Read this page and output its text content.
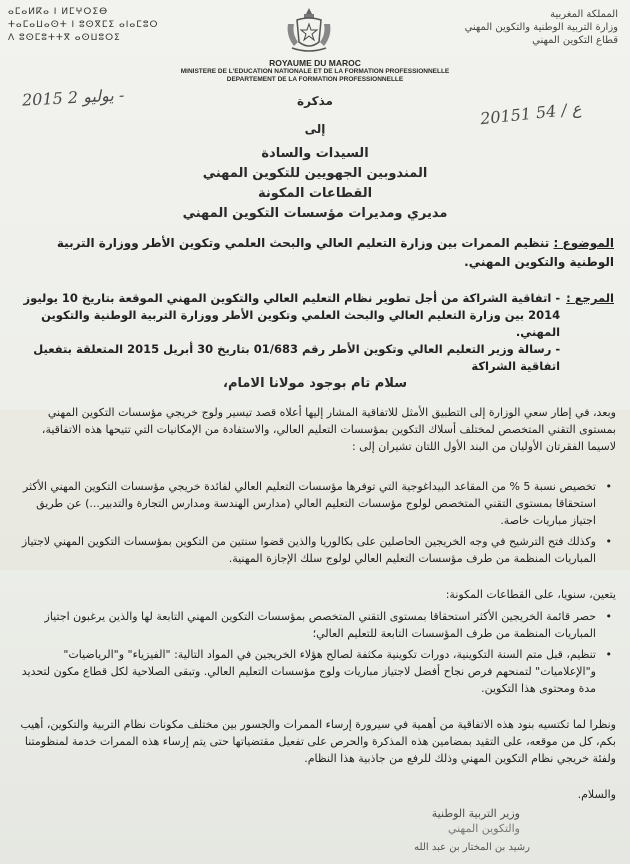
ⴰⵎⴰⵍⴽⴰ ⵏ ⵍⵎⵖⵔⵉⴱ
ⵜⴰⵎⴰⵡⴰⵙⵜ ⵏ ⵓⵙⴳⵎⵉ ⴰⵏⴰⵎⵓⵔ
ⴷ ⵓⵙⵎⵓⵜⵜⴳ ⴰⵙⵡⵓⵔⵉ
المملكة المغربية
وزارة التربية الوطنية والتكوين المهني
قطاع التكوين المهني
ROYAUME DU MAROC
MINISTERE DE L'EDUCATION NATIONALE ET DE LA FORMATION PROFESSIONNELLE
DEPARTEMENT DE LA FORMATION PROFESSIONNELLE
2015 يوليو 2 -
20151 ع / 54
مذكرة
إلى
السيدات والسادة
المندوبين الجهويين للتكوين المهني
القطاعات المكونة
مديري ومديرات مؤسسات التكوين المهني
الموضوع : تنظيم الممرات بين وزارة التعليم العالي والبحث العلمي وتكوين الأطر ووزارة التربية الوطنية والتكوين المهني.
المرجع :
- اتفاقية الشراكة من أجل تطوير نظام التعليم العالي والتكوين المهني الموقعة بتاريخ 10 يوليوز 2014 بين وزارة التعليم العالي والبحث العلمي وتكوين الأطر ووزارة التربية الوطنية والتكوين المهني.
- رسالة وزير التعليم العالي وتكوين الأطر رقم 01/683 بتاريخ 30 أبريل 2015 المتعلقة بتفعيل اتفاقية الشراكة
سلام تام بوجود مولانا الامام،
وبعد، في إطار سعي الوزارة إلى التطبيق الأمثل للاتفاقية المشار إليها أعلاه قصد تيسير ولوج خريجي مؤسسات التكوين المهني بمستوى التقني المتخصص لمختلف أسلاك التكوين بمؤسسات التعليم العالي، والاستفادة من الإمكانيات التي تتيحها هذه الاتفاقية، لاسيما الفقرتان الأوليان من البند الأول اللتان تشيران إلى :
•
تخصيص نسبة 5 % من المقاعد البيداغوجية التي توفرها مؤسسات التعليم العالي لفائدة خريجي مؤسسات التكوين المهني الأكثر استحقاقا بمستوى التقني المتخصص لولوج مؤسسات التعليم العالي (مدارس الهندسة ومدارس التجارة والتدبير...) عن طريق اجتياز مباريات خاصة.
•
وكذلك فتح الترشيح في وجه الخريجين الحاصلين على بكالوريا والذين قضوا سنتين من التكوين بمؤسسات التكوين المهني لاجتياز المباريات المنظمة من طرف مؤسسات التعليم العالي لولوج سلك الإجازة المهنية.
يتعين، سنويا، على القطاعات المكونة:
•
حصر قائمة الخريجين الأكثر استحقاقا بمستوى التقني المتخصص بمؤسسات التكوين المهني التابعة لها والذين يرغبون اجتياز المباريات المنظمة من طرف المؤسسات التابعة للتعليم العالي؛
•
تنظيم، قبل متم السنة التكوينية، دورات تكوينية مكثفة لصالح هؤلاء الخريجين في المواد التالية: "الفيزياء" و"الرياضيات" و"الإعلاميات" لتمنحهم فرص نجاح أفضل لاجتياز مباريات ولوج مؤسسات التعليم العالي. وتبقى الصلاحية لكل قطاع مكون لتحديد مدة ومحتوى هذا التكوين.
ونظرا لما تكتسيه بنود هذه الاتفاقية من أهمية في سيرورة إرساء الممرات والجسور بين مختلف مكونات نظام التربية والتكوين، أهيب بكم، كل من موقعه، على التقيد بمضامين هذه المذكرة والحرص على تفعيل مقتضياتها حتى يتم إرساء هذه الممرات خدمة لمنظومتنا ولفئة خريجي نظام التكوين المهني وذلك للرفع من جاذبية هذا النظام.
والسلام.
وزير التربية الوطنية
والتكوين المهني
رشيد بن المختار بن عبد الله
